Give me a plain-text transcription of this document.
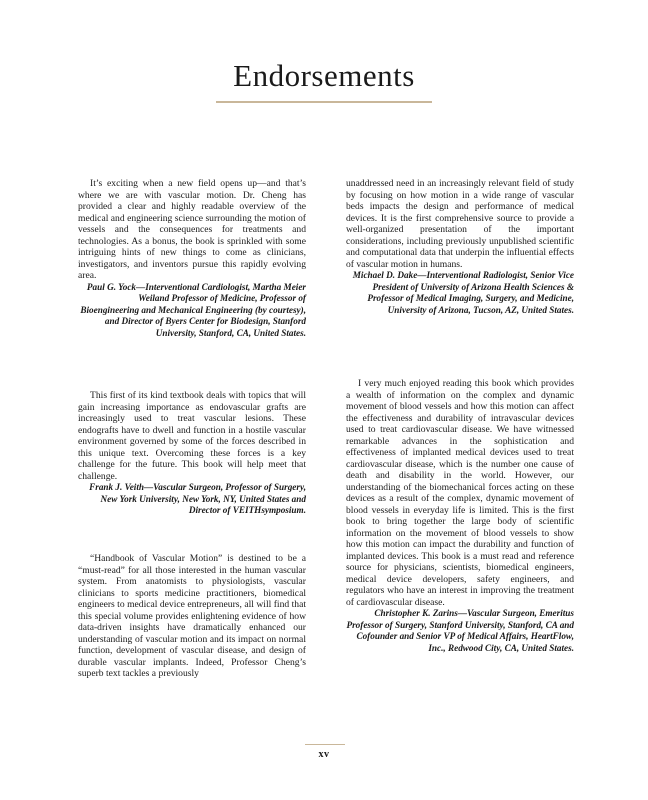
Endorsements

It’s exciting when a new field opens up—and that’s where we are with vascular motion. Dr. Cheng has provided a clear and highly readable overview of the medical and engineering science surrounding the motion of vessels and the consequences for treatments and technologies. As a bonus, the book is sprinkled with some intriguing hints of new things to come as clinicians, investigators, and inventors pursue this rapidly evolving area.

Paul G. Yock—Interventional Cardiologist, Martha Meier Weiland Professor of Medicine, Professor of Bioengineering and Mechanical Engineering (by courtesy), and Director of Byers Center for Biodesign, Stanford University, Stanford, CA, United States.

This first of its kind textbook deals with topics that will gain increasing importance as endovascular grafts are increasingly used to treat vascular lesions. These endografts have to dwell and function in a hostile vascular environment governed by some of the forces described in this unique text. Overcoming these forces is a key challenge for the future. This book will help meet that challenge.

Frank J. Veith—Vascular Surgeon, Professor of Surgery, New York University, New York, NY, United States and Director of VEITHsymposium.

“Handbook of Vascular Motion” is destined to be a “must-read” for all those interested in the human vascular system. From anatomists to physiologists, vascular clinicians to sports medicine practitioners, biomedical engineers to medical device entrepreneurs, all will find that this special volume provides enlightening evidence of how data-driven insights have dramatically enhanced our understanding of vascular motion and its impact on normal function, development of vascular disease, and design of durable vascular implants. Indeed, Professor Cheng’s superb text tackles a previously

unaddressed need in an increasingly relevant field of study by focusing on how motion in a wide range of vascular beds impacts the design and performance of medical devices. It is the first comprehensive source to provide a well-organized presentation of the important considerations, including previously unpublished scientific and computational data that underpin the influential effects of vascular motion in humans.

Michael D. Dake—Interventional Radiologist, Senior Vice President of University of Arizona Health Sciences & Professor of Medical Imaging, Surgery, and Medicine, University of Arizona, Tucson, AZ, United States.

I very much enjoyed reading this book which provides a wealth of information on the complex and dynamic movement of blood vessels and how this motion can affect the effectiveness and durability of intravascular devices used to treat cardiovascular disease. We have witnessed remarkable advances in the sophistication and effectiveness of implanted medical devices used to treat cardiovascular disease, which is the number one cause of death and disability in the world. However, our understanding of the biomechanical forces acting on these devices as a result of the complex, dynamic movement of blood vessels in everyday life is limited. This is the first book to bring together the large body of scientific information on the movement of blood vessels to show how this motion can impact the durability and function of implanted devices. This book is a must read and reference source for physicians, scientists, biomedical engineers, medical device developers, safety engineers, and regulators who have an interest in improving the treatment of cardiovascular disease.

Christopher K. Zarins—Vascular Surgeon, Emeritus Professor of Surgery, Stanford University, Stanford, CA and Cofounder and Senior VP of Medical Affairs, HeartFlow, Inc., Redwood City, CA, United States.

xv
